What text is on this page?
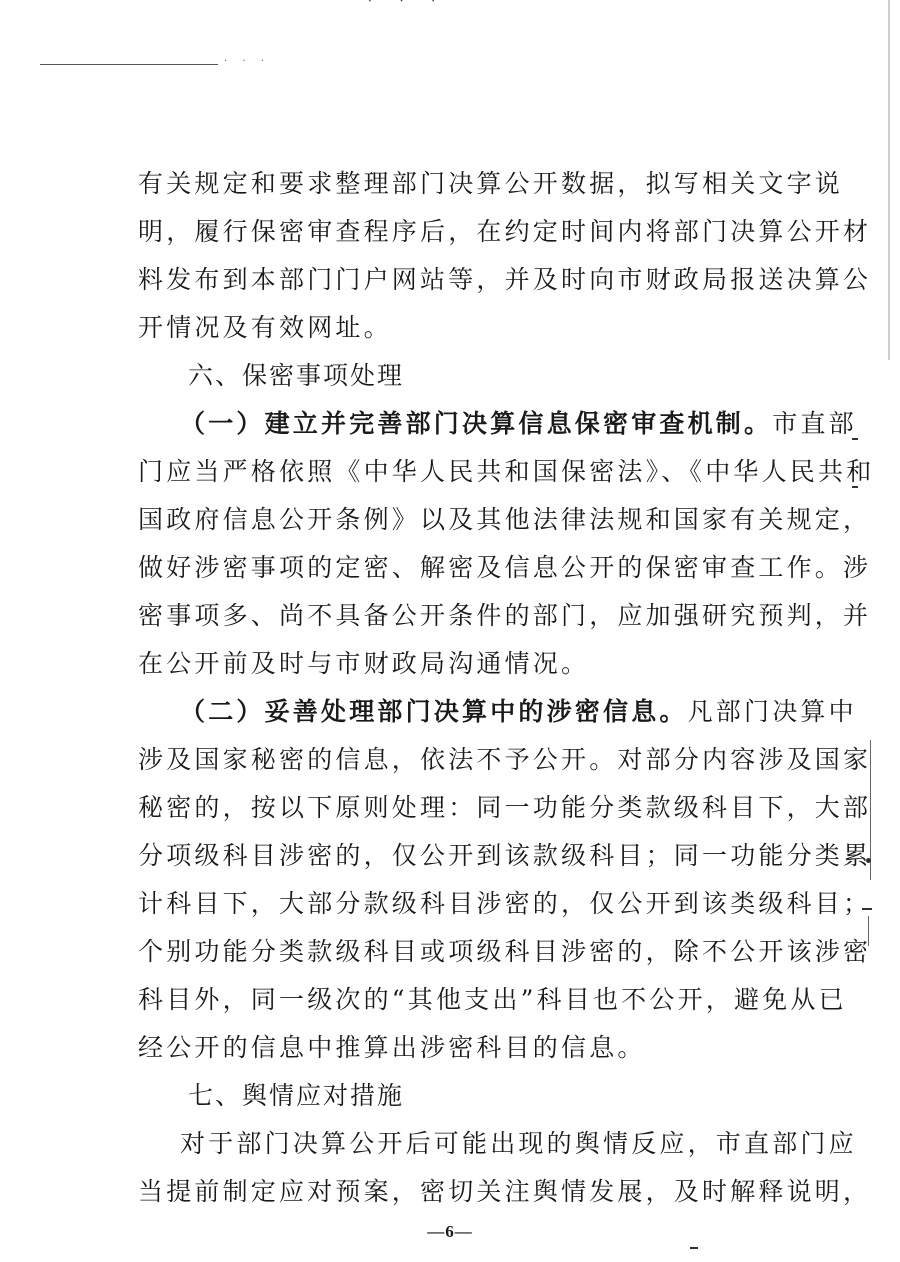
· · ·
· · ·
有关规定和要求整理部门决算公开数据，拟写相关文字说
明，履行保密审查程序后，在约定时间内将部门决算公开材
料发布到本部门门户网站等，并及时向市财政局报送决算公
开情况及有效网址。
六、保密事项处理
（一）建立并完善部门决算信息保密审查机制。市直部
门应当严格依照《中华人民共和国保密法》、《中华人民共和
国政府信息公开条例》以及其他法律法规和国家有关规定，
做好涉密事项的定密、解密及信息公开的保密审查工作。涉
密事项多、尚不具备公开条件的部门，应加强研究预判，并
在公开前及时与市财政局沟通情况。
（二）妥善处理部门决算中的涉密信息。凡部门决算中
涉及国家秘密的信息，依法不予公开。对部分内容涉及国家
秘密的，按以下原则处理：同一功能分类款级科目下，大部
分项级科目涉密的，仅公开到该款级科目；同一功能分类累
计科目下，大部分款级科目涉密的，仅公开到该类级科目；
个别功能分类款级科目或项级科目涉密的，除不公开该涉密
科目外，同一级次的“其他支出”科目也不公开，避免从已
经公开的信息中推算出涉密科目的信息。
七、舆情应对措施
对于部门决算公开后可能出现的舆情反应，市直部门应
当提前制定应对预案，密切关注舆情发展，及时解释说明，
—6—
